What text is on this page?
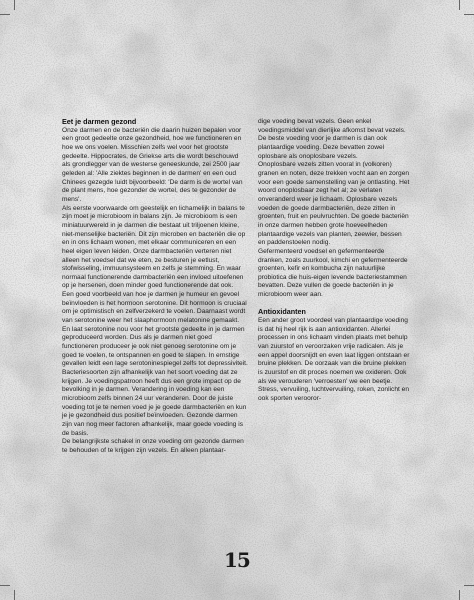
Eet je darmen gezond

Onze darmen en de bacteriën die daarin huizen bepalen voor een groot gedeelte onze gezondheid, hoe we functioneren en hoe we ons voelen. Misschien zelfs wel voor het grootste gedeelte. Hippocrates, de Griekse arts die wordt beschouwd als grondlegger van de westerse geneeskunde, zei 2500 jaar geleden al: 'Alle ziektes beginnen in de darmen' en een oud Chinees gezegde luidt bijvoorbeeld: 'De darm is de wortel van de plant mens, hoe gezonder de wortel, des te gezonder de mens'.

Als eerste voorwaarde om geestelijk en lichamelijk in balans te zijn moet je microbioom in balans zijn. Je microbioom is een miniatuurwereld in je darmen die bestaat uit triljoenen kleine, niet-menselijke bacteriën. Dit zijn microben en bacteriën die op en in ons lichaam wonen, met elkaar communiceren en een heel eigen leven leiden. Onze darmbacteriën verteren niet alleen het voedsel dat we eten, ze besturen je eetlust, stofwisseling, immuunsysteem en zelfs je stemming. En waar normaal functionerende darmbacteriën een invloed uitoefenen op je hersenen, doen minder goed functionerende dat ook.

Een goed voorbeeld van hoe je darmen je humeur en gevoel beïnvloeden is het hormoon serotonine. Dit hormoon is cruciaal om je optimistisch en zelfverzekerd te voelen. Daarnaast wordt van serotonine weer het slaaphormoon melatonine gemaakt. En laat serotonine nou voor het grootste gedeelte in je darmen geproduceerd worden. Dus als je darmen niet goed functioneren produceer je ook niet genoeg serotonine om je goed te voelen, te ontspannen en goed te slapen. In ernstige gevallen leidt een lage serotoninespiegel zelfs tot depressiviteit.

Bacteriesoorten zijn afhankelijk van het soort voeding dat ze krijgen. Je voedingspatroon heeft dus een grote impact op de bevolking in je darmen. Verandering in voeding kan een microbioom zelfs binnen 24 uur veranderen. Door de juiste voeding tot je te nemen voed je je goede darmbacteriën en kun je je gezondheid dus positief beïnvloeden. Gezonde darmen zijn van nog meer factoren afhankelijk, maar goede voeding is de basis.

De belangrijkste schakel in onze voeding om gezonde darmen te behouden of te krijgen zijn vezels. En alleen plantaar-

dige voeding bevat vezels. Geen enkel voedingsmiddel van dierlijke afkomst bevat vezels. De beste voeding voor je darmen is dan ook plantaardige voeding. Deze bevatten zowel oplosbare als onoplosbare vezels.

Onoplosbare vezels zitten vooral in (volkoren) granen en noten, deze trekken vocht aan en zorgen voor een goede samenstelling van je ontlasting. Het woord onoplosbaar zegt het al; ze verlaten onveranderd weer je lichaam. Oplosbare vezels voeden de goede darmbacteriën, deze zitten in groenten, fruit en peulvruchten. De goede bacteriën in onze darmen hebben grote hoeveelheden plantaardige vezels van planten, zeewier, bessen en paddenstoelen nodig.

Gefermenteerd voedsel en gefermenteerde dranken, zoals zuurkool, kimchi en gefermenteerde groenten, kefir en kombucha zijn natuurlijke probiotica die huis-eigen levende bacteriestammen bevatten. Deze vullen de goede bacteriën in je microbioom weer aan.

Antioxidanten

Een ander groot voordeel van plantaardige voeding is dat hij heel rijk is aan antioxidanten. Allerlei processen in ons lichaam vinden plaats met behulp van zuurstof en veroorzaken vrije radicalen. Als je een appel doorsnijdt en even laat liggen ontstaan er bruine plekken. De oorzaak van die bruine plekken is zuurstof en dit proces noemen we oxideren. Ook als we verouderen 'verroesten' we een beetje.

Stress, vervuiling, luchtvervuiling, roken, zonlicht en ook sporten verooror-

15
